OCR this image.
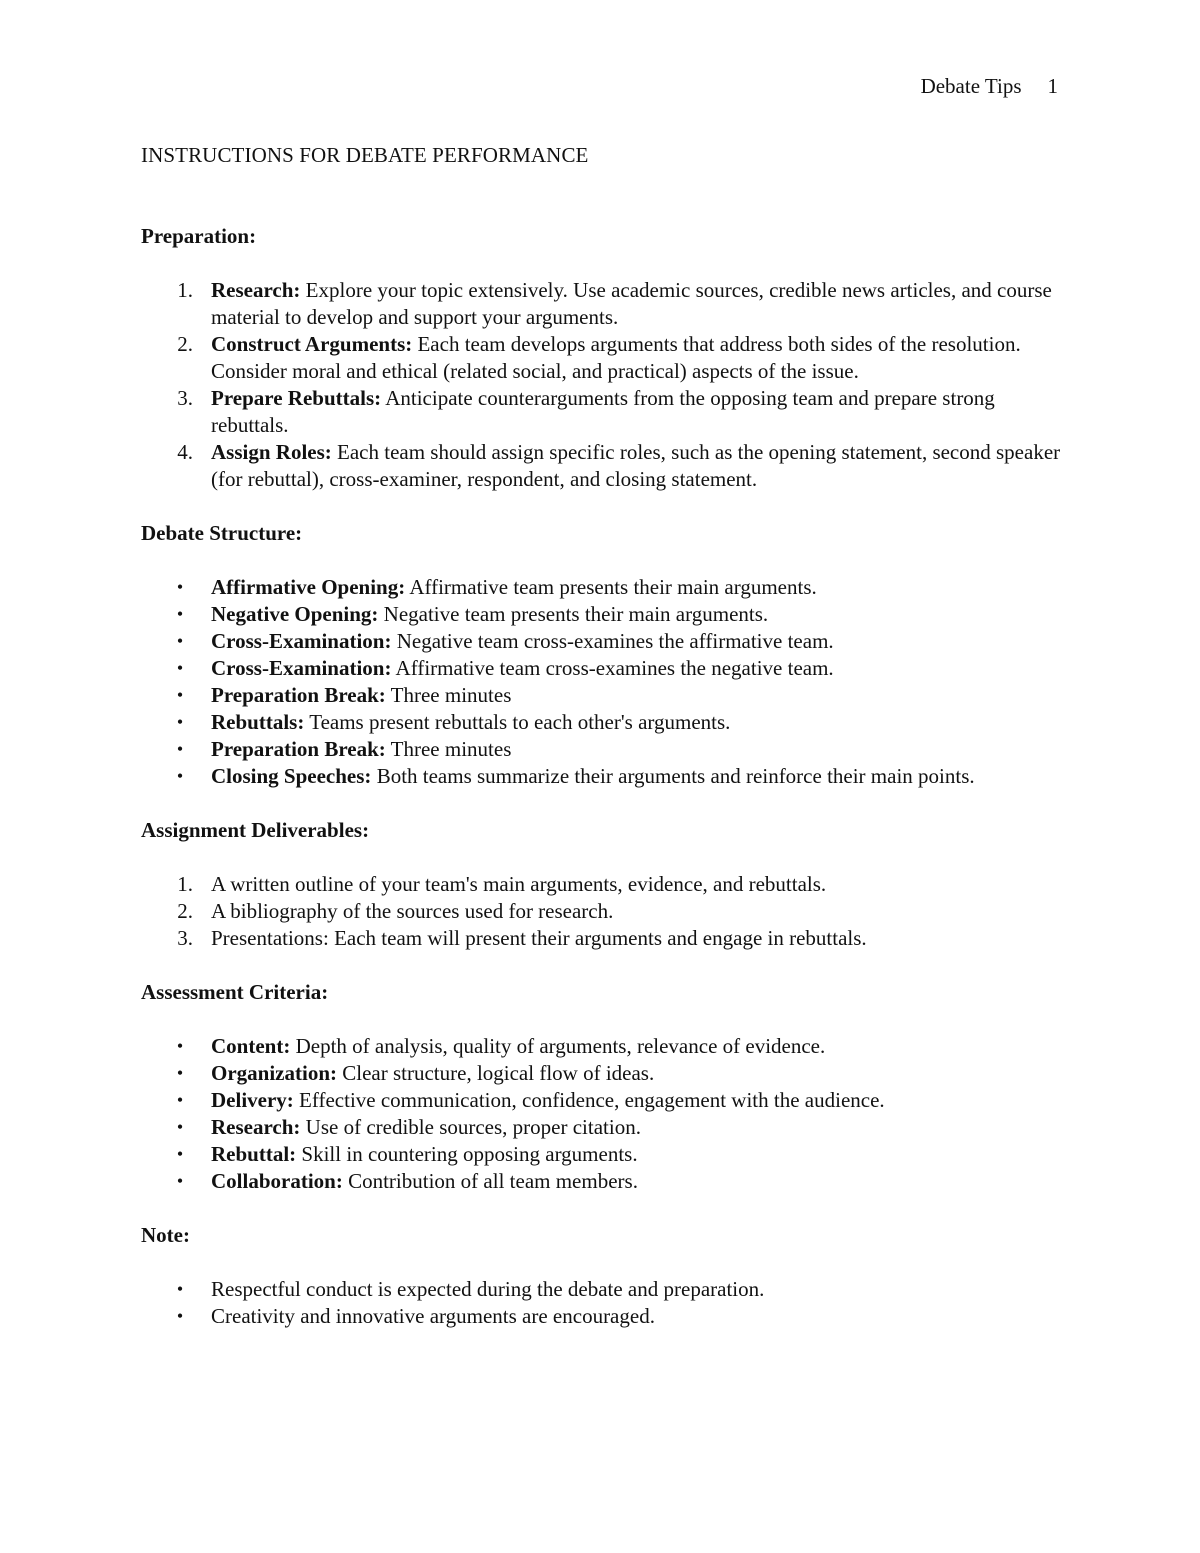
Debate Tips 1
INSTRUCTIONS FOR DEBATE PERFORMANCE
Preparation:
1. Research: Explore your topic extensively. Use academic sources, credible news articles, and course material to develop and support your arguments.
2. Construct Arguments: Each team develops arguments that address both sides of the resolution. Consider moral and ethical (related social, and practical) aspects of the issue.
3. Prepare Rebuttals: Anticipate counterarguments from the opposing team and prepare strong rebuttals.
4. Assign Roles: Each team should assign specific roles, such as the opening statement, second speaker (for rebuttal), cross-examiner, respondent, and closing statement.
Debate Structure:
•	Affirmative Opening: Affirmative team presents their main arguments.
•	Negative Opening: Negative team presents their main arguments.
•	Cross-Examination: Negative team cross-examines the affirmative team.
•	Cross-Examination: Affirmative team cross-examines the negative team.
•	Preparation Break: Three minutes
•	Rebuttals: Teams present rebuttals to each other's arguments.
•	Preparation Break: Three minutes
•	Closing Speeches: Both teams summarize their arguments and reinforce their main points.
Assignment Deliverables:
1. A written outline of your team's main arguments, evidence, and rebuttals.
2. A bibliography of the sources used for research.
3. Presentations: Each team will present their arguments and engage in rebuttals.
Assessment Criteria:
•	Content: Depth of analysis, quality of arguments, relevance of evidence.
•	Organization: Clear structure, logical flow of ideas.
•	Delivery: Effective communication, confidence, engagement with the audience.
•	Research: Use of credible sources, proper citation.
•	Rebuttal: Skill in countering opposing arguments.
•	Collaboration: Contribution of all team members.
Note:
•	Respectful conduct is expected during the debate and preparation.
•	Creativity and innovative arguments are encouraged.
